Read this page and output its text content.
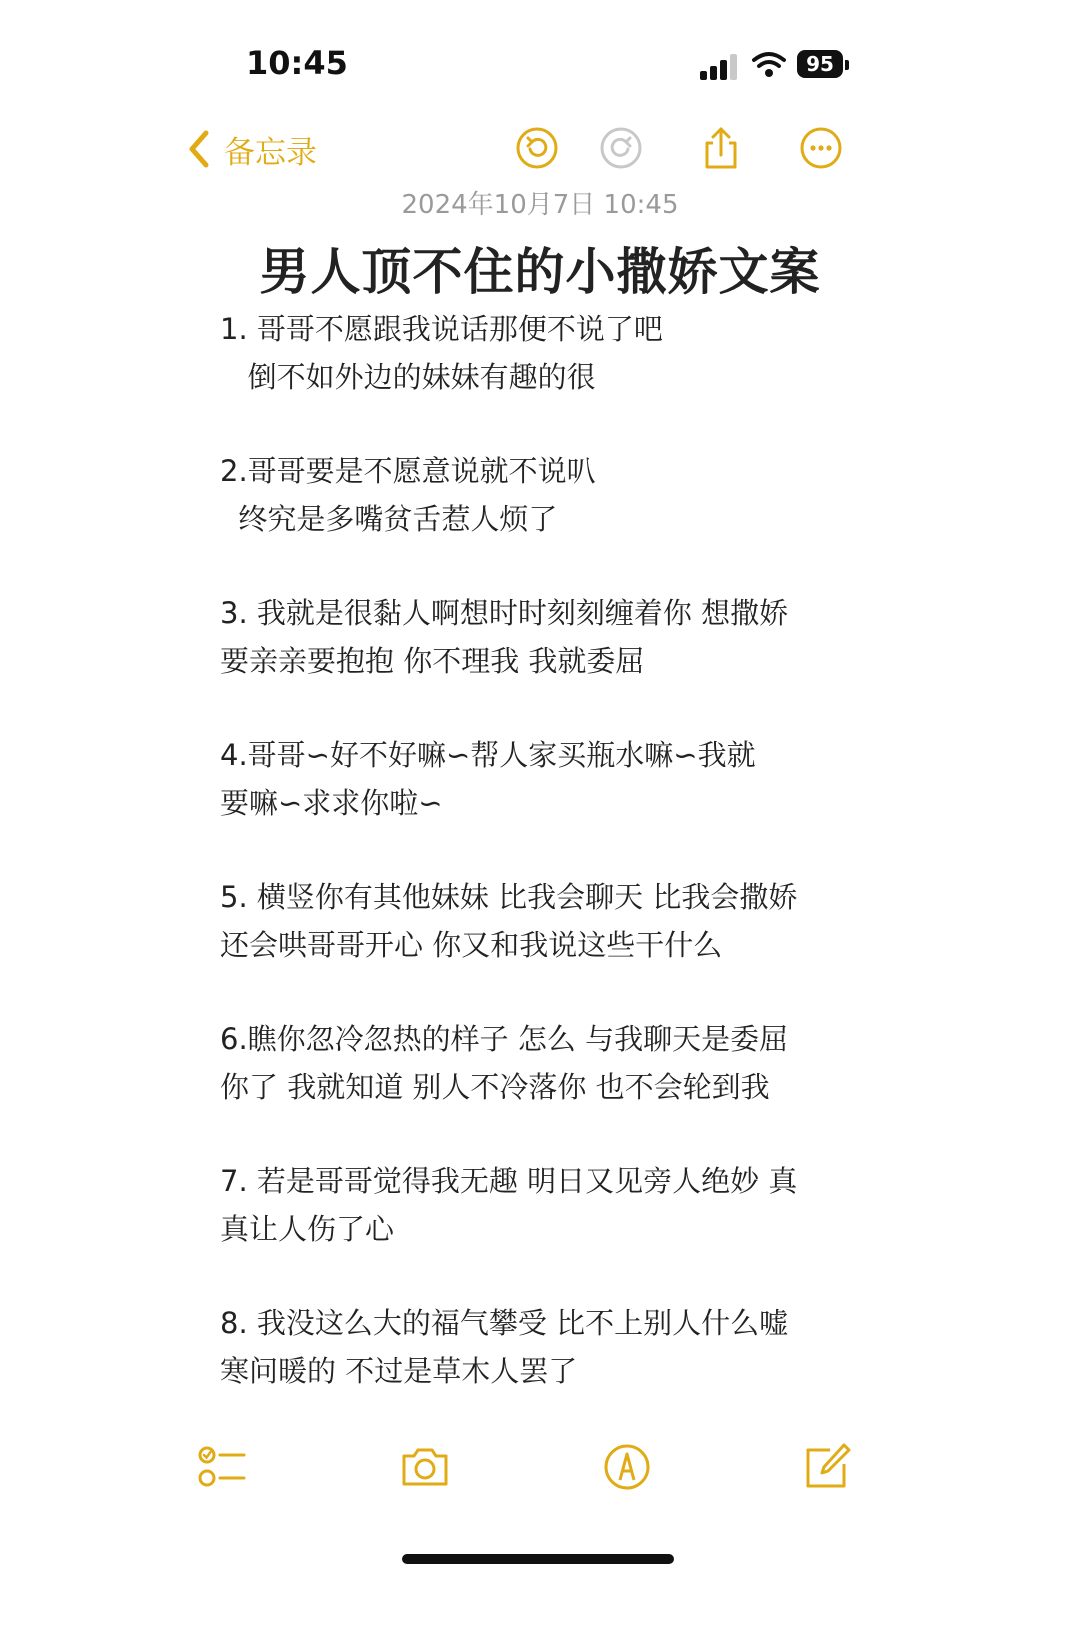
10:45	95
备忘录
2024年10月7日 10:45
男人顶不住的小撒娇文案
1. 哥哥不愿跟我说话那便不说了吧
倒不如外边的妹妹有趣的很
2.哥哥要是不愿意说就不说叭
终究是多嘴贫舌惹人烦了
3. 我就是很黏人啊想时时刻刻缠着你 想撒娇
要亲亲要抱抱 你不理我 我就委屈
4.哥哥∽好不好嘛∽帮人家买瓶水嘛∽我就
要嘛∽求求你啦∽
5. 横竖你有其他妹妹 比我会聊天 比我会撒娇
还会哄哥哥开心 你又和我说这些干什么
6.瞧你忽冷忽热的样子 怎么 与我聊天是委屈
你了 我就知道 别人不冷落你 也不会轮到我
7. 若是哥哥觉得我无趣 明日又见旁人绝妙 真
真让人伤了心
8. 我没这么大的福气攀受 比不上别人什么嘘
寒问暖的 不过是草木人罢了
